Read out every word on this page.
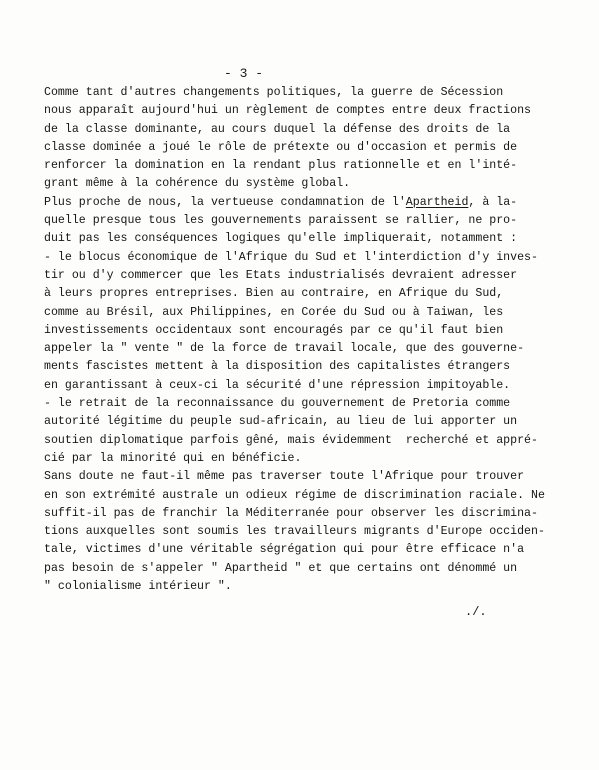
- 3 -
Comme tant d'autres changements politiques, la guerre de Sécession
nous apparaît aujourd'hui un règlement de comptes entre deux fractions
de la classe dominante, au cours duquel la défense des droits de la
classe dominée a joué le rôle de prétexte ou d'occasion et permis de
renforcer la domination en la rendant plus rationnelle et en l'inté-
grant même à la cohérence du système global.
Plus proche de nous, la vertueuse condamnation de l'Apartheid, à la-
quelle presque tous les gouvernements paraissent se rallier, ne pro-
duit pas les conséquences logiques qu'elle impliquerait, notamment :
- le blocus économique de l'Afrique du Sud et l'interdiction d'y inves-
tir ou d'y commercer que les Etats industrialisés devraient adresser
à leurs propres entreprises. Bien au contraire, en Afrique du Sud,
comme au Brésil, aux Philippines, en Corée du Sud ou à Taiwan, les
investissements occidentaux sont encouragés par ce qu'il faut bien
appeler la " vente " de la force de travail locale, que des gouverne-
ments fascistes mettent à la disposition des capitalistes étrangers
en garantissant à ceux-ci la sécurité d'une répression impitoyable.
- le retrait de la reconnaissance du gouvernement de Pretoria comme
autorité légitime du peuple sud-africain, au lieu de lui apporter un
soutien diplomatique parfois gêné, mais évidemment  recherché et appré-
cié par la minorité qui en bénéficie.
Sans doute ne faut-il même pas traverser toute l'Afrique pour trouver
en son extrémité australe un odieux régime de discrimination raciale. Ne
suffit-il pas de franchir la Méditerranée pour observer les discrimina-
tions auxquelles sont soumis les travailleurs migrants d'Europe occiden-
tale, victimes d'une véritable ségrégation qui pour être efficace n'a
pas besoin de s'appeler " Apartheid " et que certains ont dénommé un
" colonialisme intérieur ".
./.
